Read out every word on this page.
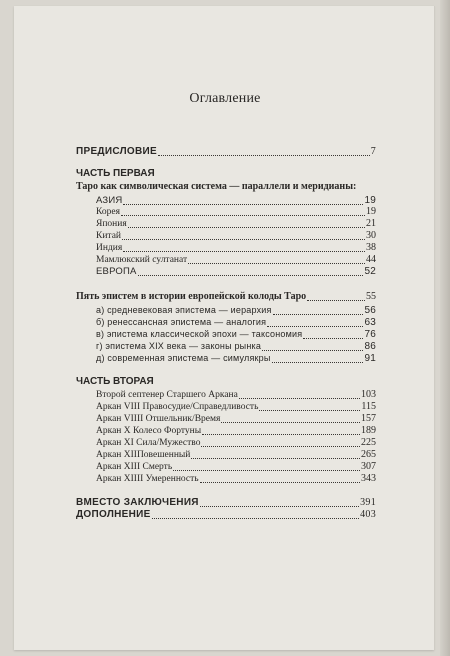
Оглавление
ПРЕДИСЛОВИЕ	7
ЧАСТЬ ПЕРВАЯ
Таро как символическая система — параллели и меридианы:
АЗИЯ	19
Корея	19
Япония	21
Китай	30
Индия	38
Мамлюкский султанат	44
ЕВРОПА	52
Пять эпистем в истории европейской колоды Таро	55
а) средневековая эпистема — иерархия	56
б) ренессансная эпистема — аналогия	63
в) эпистема классической эпохи — таксономия	76
г) эпистема XIX века — законы рынка	86
д) современная эпистема — симулякры	91
ЧАСТЬ ВТОРАЯ
Второй септенер Старшего Аркана	103
Аркан VIII Правосудие/Справедливость	115
Аркан VIIII Отшельник/Время	157
Аркан X Колесо Фортуны	189
Аркан XI Сила/Мужество	225
Аркан XIIПовешенный	265
Аркан XIII Смерть	307
Аркан XIIII Умеренность	343
ВМЕСТО ЗАКЛЮЧЕНИЯ	391
ДОПОЛНЕНИЕ	403
